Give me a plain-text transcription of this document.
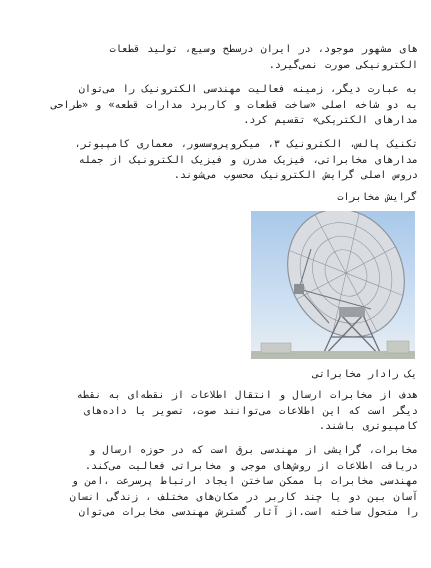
های مشهور موجود، در ایران درسطح وسیع، تولید قطعات
الکترونیکی صورت نمی‌گیرد.

به عبارت دیگر، زمینه فعالیت مهندسی الکترونیک را می‌توان
به دو شاخه اصلی «ساخت قطعات و کاربرد مدارات قطعه» و «طراحی
مدارهای الکتریکی» تقسیم کرد.

تکنیک پالس، الکترونیک ۳، میکروپروسسور، معماری کامپیوتر،
مدارهای مخابراتی، فیزیک مدرن و فیزیک الکترونیک از جمله
دروس اصلی گرایش الکترونیک محسوب می‌شوند.

گرایش مخابرات

یک رادار مخابراتی

هدف از مخابرات ارسال و انتقال اطلاعات از نقطه‌ای به نقطه
دیگر است که این اطلاعات می‌توانند صوت، تصویر یا داده‌های
کامپیوتری باشند.

مخابرات، گرایشی از مهندسی برق است که در حوزه ارسال و
دریافت اطلاعات از روش‌های موجی و مخابراتی فعالیت می‌کند.
مهندسی مخابرات با ممکن ساختن ایجاد ارتباط پرسرعت ،امن و
آسان بین دو یا چند کاربر در مکان‌های مختلف ، زندگی انسان
را متحول ساخته است.از آثار گسترش مهندسی مخابرات می‌توان
